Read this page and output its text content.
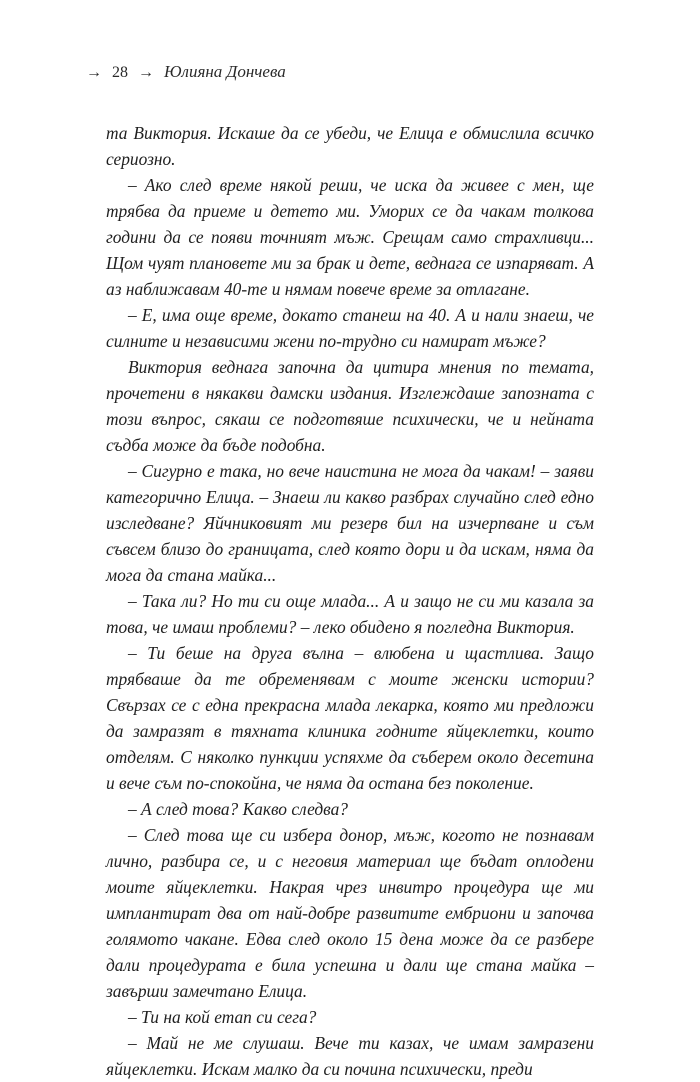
→ 28 → Юлияна Дончева

та Виктория. Искаше да се убеди, че Елица е обмислила всичко сериозно.

– Ако след време някой реши, че иска да живее с мен, ще трябва да приеме и детето ми. Уморих се да чакам толкова години да се появи точният мъж. Срещам само страхливци... Щом чуят плановете ми за брак и дете, веднага се изпаряват. А аз наближавам 40-те и нямам повече време за отлагане.

– Е, има още време, докато станеш на 40. А и нали знаеш, че силните и независими жени по-трудно си намират мъже?

Виктория веднага започна да цитира мнения по темата, прочетени в някакви дамски издания. Изглеждаше запозната с този въпрос, сякаш се подготвяше психически, че и нейната съдба може да бъде подобна.

– Сигурно е така, но вече наистина не мога да чакам! – заяви категорично Елица. – Знаеш ли какво разбрах случайно след едно изследване? Яйчниковият ми резерв бил на изчерпване и съм съвсем близо до границата, след която дори и да искам, няма да мога да стана майка...

– Така ли? Но ти си още млада... А и защо не си ми казала за това, че имаш проблеми? – леко обидено я погледна Виктория.

– Ти беше на друга вълна – влюбена и щастлива. Защо трябваше да те обременявам с моите женски истории? Свързах се с една прекрасна млада лекарка, която ми предложи да замразят в тяхната клиника годните яйцеклетки, които отделям. С няколко пункции успяхме да съберем около десетина и вече съм по-спокойна, че няма да остана без поколение.

– А след това? Какво следва?

– След това ще си избера донор, мъж, когото не познавам лично, разбира се, и с неговия материал ще бъдат оплодени моите яйцеклетки. Накрая чрез инвитро процедура ще ми имплантират два от най-добре развитите ембриони и започва голямото чакане. Едва след около 15 дена може да се разбере дали процедурата е била успешна и дали ще стана майка – завърши замечтано Елица.

– Ти на кой етап си сега?

– Май не ме слушаш. Вече ти казах, че имам замразени яйцеклетки. Искам малко да си почина психически, преди
